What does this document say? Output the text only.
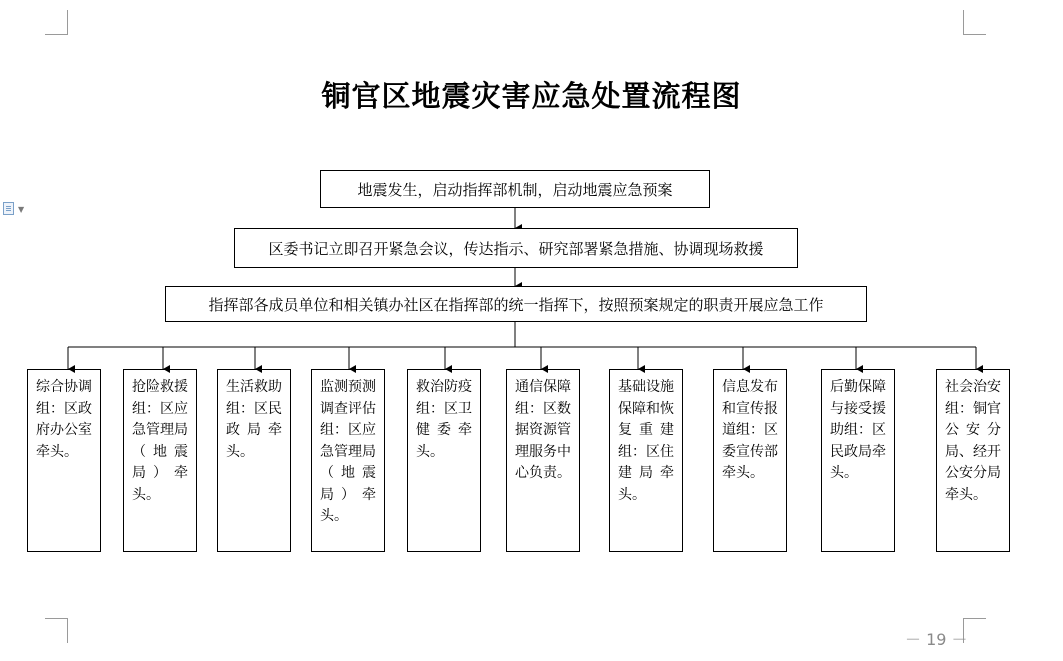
▼
铜官区地震灾害应急处置流程图
地震发生，启动指挥部机制，启动地震应急预案
区委书记立即召开紧急会议，传达指示、研究部署紧急措施、协调现场救援
指挥部各成员单位和相关镇办社区在指挥部的统一指挥下，按照预案规定的职责开展应急工作
综合协调组：区政府办公室牵头。
抢险救援组：区应急管理局（地震局）牵头。
生活救助组：区民政局牵头。
监测预测调查评估组：区应急管理局（地震局）牵头。
救治防疫组：区卫健委牵头。
通信保障组：区数据资源管理服务中心负责。
基础设施保障和恢复重建组：区住建局牵头。
信息发布和宣传报道组：区委宣传部牵头。
后勤保障与接受援助组：区民政局牵头。
社会治安组：铜官公安分局、经开公安分局牵头。
－ 19 －
